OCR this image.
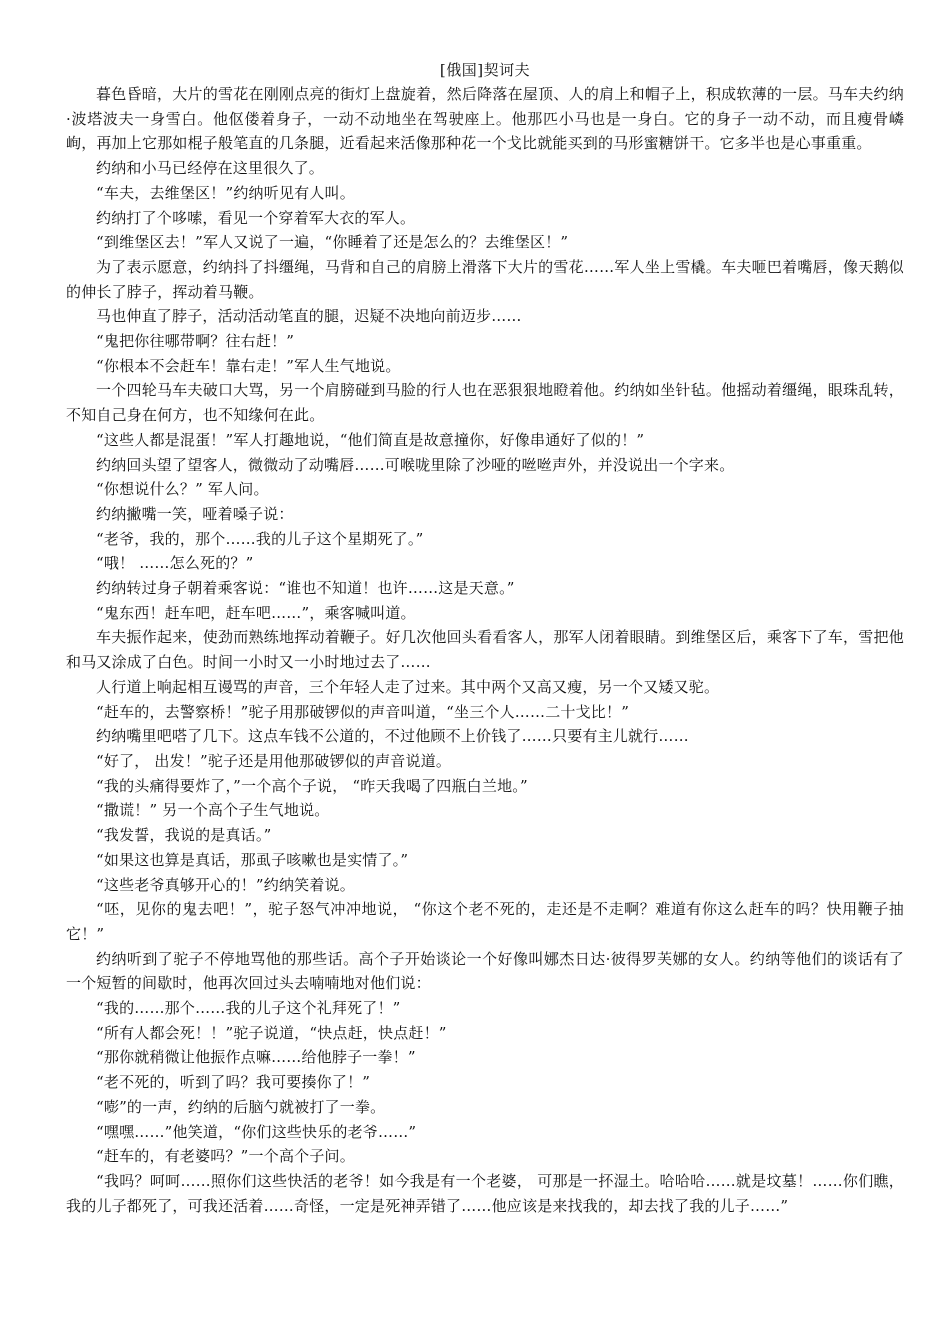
[俄国]契诃夫

暮色昏暗，大片的雪花在刚刚点亮的街灯上盘旋着，然后降落在屋顶、人的肩上和帽子上，积成软薄的一层。马车夫约纳·波塔波夫一身雪白。他伛偻着身子，一动不动地坐在驾驶座上。他那匹小马也是一身白。它的身子一动不动，而且瘦骨嶙峋，再加上它那如棍子般笔直的几条腿，近看起来活像那种花一个戈比就能买到的马形蜜糖饼干。它多半也是心事重重。

约纳和小马已经停在这里很久了。

“车夫，去维堡区！”约纳听见有人叫。

约纳打了个哆嗦，看见一个穿着军大衣的军人。

“到维堡区去！”军人又说了一遍，“你睡着了还是怎么的？去维堡区！”

为了表示愿意，约纳抖了抖缰绳，马背和自己的肩膀上滑落下大片的雪花……军人坐上雪橇。车夫咂巴着嘴唇，像天鹅似的伸长了脖子，挥动着马鞭。

马也伸直了脖子，活动活动笔直的腿，迟疑不决地向前迈步……

“鬼把你往哪带啊？往右赶！”

“你根本不会赶车！靠右走！”军人生气地说。

一个四轮马车夫破口大骂，另一个肩膀碰到马脸的行人也在恶狠狠地瞪着他。约纳如坐针毡。他摇动着缰绳，眼珠乱转，不知自己身在何方，也不知缘何在此。

“这些人都是混蛋！”军人打趣地说，“他们简直是故意撞你，好像串通好了似的！”

约纳回头望了望客人，微微动了动嘴唇……可喉咙里除了沙哑的咝咝声外，并没说出一个字来。

“你想说什么？” 军人问。

约纳撇嘴一笑，哑着嗓子说：

“老爷，我的，那个……我的儿子这个星期死了。”

“哦！ ……怎么死的？”

约纳转过身子朝着乘客说：“谁也不知道！也许……这是天意。”

“鬼东西！赶车吧，赶车吧……”，乘客喊叫道。

车夫振作起来，使劲而熟练地挥动着鞭子。好几次他回头看看客人，那军人闭着眼睛。到维堡区后，乘客下了车，雪把他和马又涂成了白色。时间一小时又一小时地过去了……

人行道上响起相互谩骂的声音，三个年轻人走了过来。其中两个又高又瘦，另一个又矮又驼。

“赶车的，去警察桥！”驼子用那破锣似的声音叫道，“坐三个人……二十戈比！”

约纳嘴里吧嗒了几下。这点车钱不公道的，不过他顾不上价钱了……只要有主儿就行……

“好了， 出发！”驼子还是用他那破锣似的声音说道。

“我的头痛得要炸了，”一个高个子说， “昨天我喝了四瓶白兰地。”

“撒谎！” 另一个高个子生气地说。

“我发誓，我说的是真话。”

“如果这也算是真话，那虱子咳嗽也是实情了。”

“这些老爷真够开心的！”约纳笑着说。

“呸，见你的鬼去吧！”，驼子怒气冲冲地说， “你这个老不死的，走还是不走啊？难道有你这么赶车的吗？快用鞭子抽它！”

约纳听到了驼子不停地骂他的那些话。高个子开始谈论一个好像叫娜杰日达·彼得罗芙娜的女人。约纳等他们的谈话有了一个短暂的间歇时，他再次回过头去喃喃地对他们说：

“我的……那个……我的儿子这个礼拜死了！”

“所有人都会死！！”驼子说道，“快点赶，快点赶！”

“那你就稍微让他振作点嘛……给他脖子一拳！”

“老不死的，听到了吗？我可要揍你了！”

“嘭”的一声，约纳的后脑勺就被打了一拳。

“嘿嘿……”他笑道，“你们这些快乐的老爷……”

“赶车的，有老婆吗？”一个高个子问。

“我吗？呵呵……照你们这些快活的老爷！如今我是有一个老婆， 可那是一抔湿土。哈哈哈……就是坟墓！……你们瞧，我的儿子都死了，可我还活着……奇怪，一定是死神弄错了……他应该是来找我的，却去找了我的儿子……”
